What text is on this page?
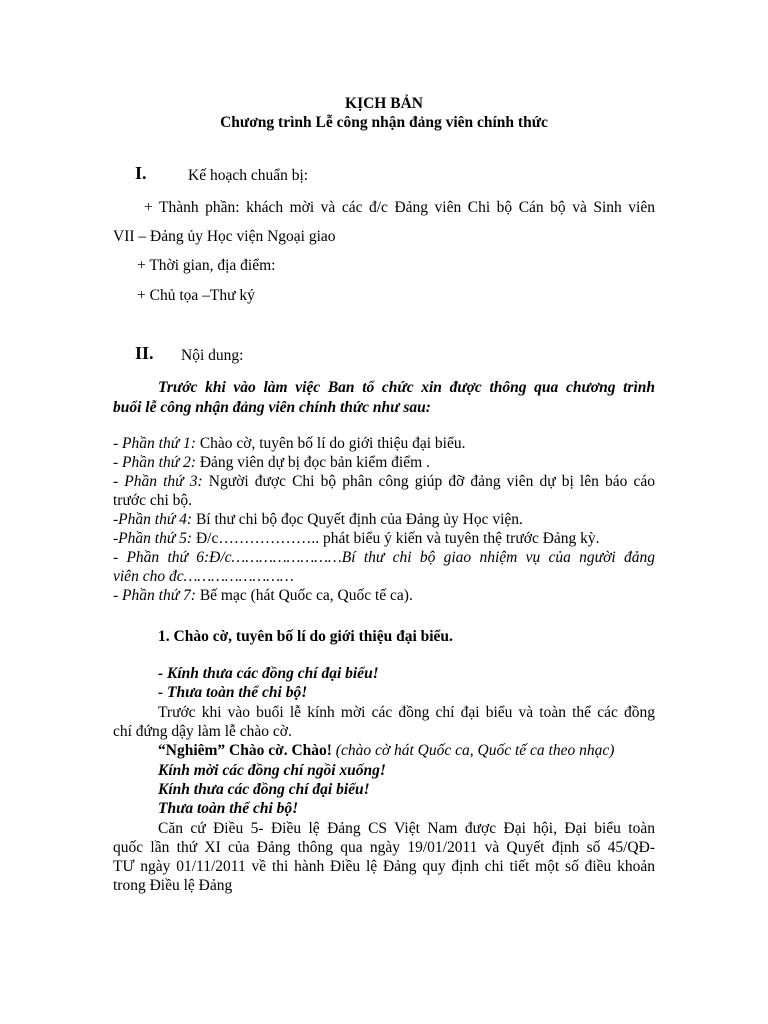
KỊCH BẢN
Chương trình Lễ công nhận đảng viên chính thức
I.	Kế hoạch chuẩn bị:
+ Thành phần: khách mời và các đ/c Đảng viên Chi bộ Cán bộ và Sinh viên
VII – Đảng ủy Học viện Ngoại giao
+ Thời gian, địa điểm:
+ Chủ tọa –Thư ký
II. Nội dung:
Trước khi vào làm việc Ban tổ chức xin được thông qua chương trình
buổi lễ công nhận đảng viên chính thức như sau:
- Phần thứ 1: Chào cờ, tuyên bố lí do giới thiệu đại biểu.
- Phần thứ 2: Đảng viên dự bị đọc bản kiểm điểm .
- Phần thứ 3: Người được Chi bộ phân công giúp đỡ đảng viên dự bị lên báo cáo
trước chi bộ.
-Phần thứ 4: Bí thư chi bộ đọc Quyết định của Đảng ủy Học viện.
-Phần thứ 5: Đ/c……………….. phát biểu ý kiến và tuyên thệ trước Đảng kỳ.
- Phần thứ 6:Đ/c……………………Bí thư chi bộ giao nhiệm vụ của người đảng
viên cho đc……………………
- Phần thứ 7: Bế mạc (hát Quốc ca, Quốc tế ca).
1. Chào cờ, tuyên bố lí do giới thiệu đại biểu.
- Kính thưa các đồng chí đại biểu!
- Thưa toàn thể chi bộ!
Trước khi vào buổi lễ kính mời các đồng chí đại biểu và toàn thể các đồng
chí đứng dậy làm lễ chào cờ.
“Nghiêm” Chào cờ. Chào! (chào cờ hát Quốc ca, Quốc tế ca theo nhạc)
Kính mời các đồng chí ngồi xuống!
Kính thưa các đồng chí đại biểu!
Thưa toàn thể chi bộ!
Căn cứ Điều 5- Điều lệ Đảng CS Việt Nam được Đại hội, Đại biểu toàn
quốc lần thứ XI của Đảng thông qua ngày 19/01/2011 và Quyết định số 45/QĐ-
TƯ ngày 01/11/2011 về thi hành Điều lệ Đảng quy định chi tiết một số điều khoản
trong Điều lệ Đảng
